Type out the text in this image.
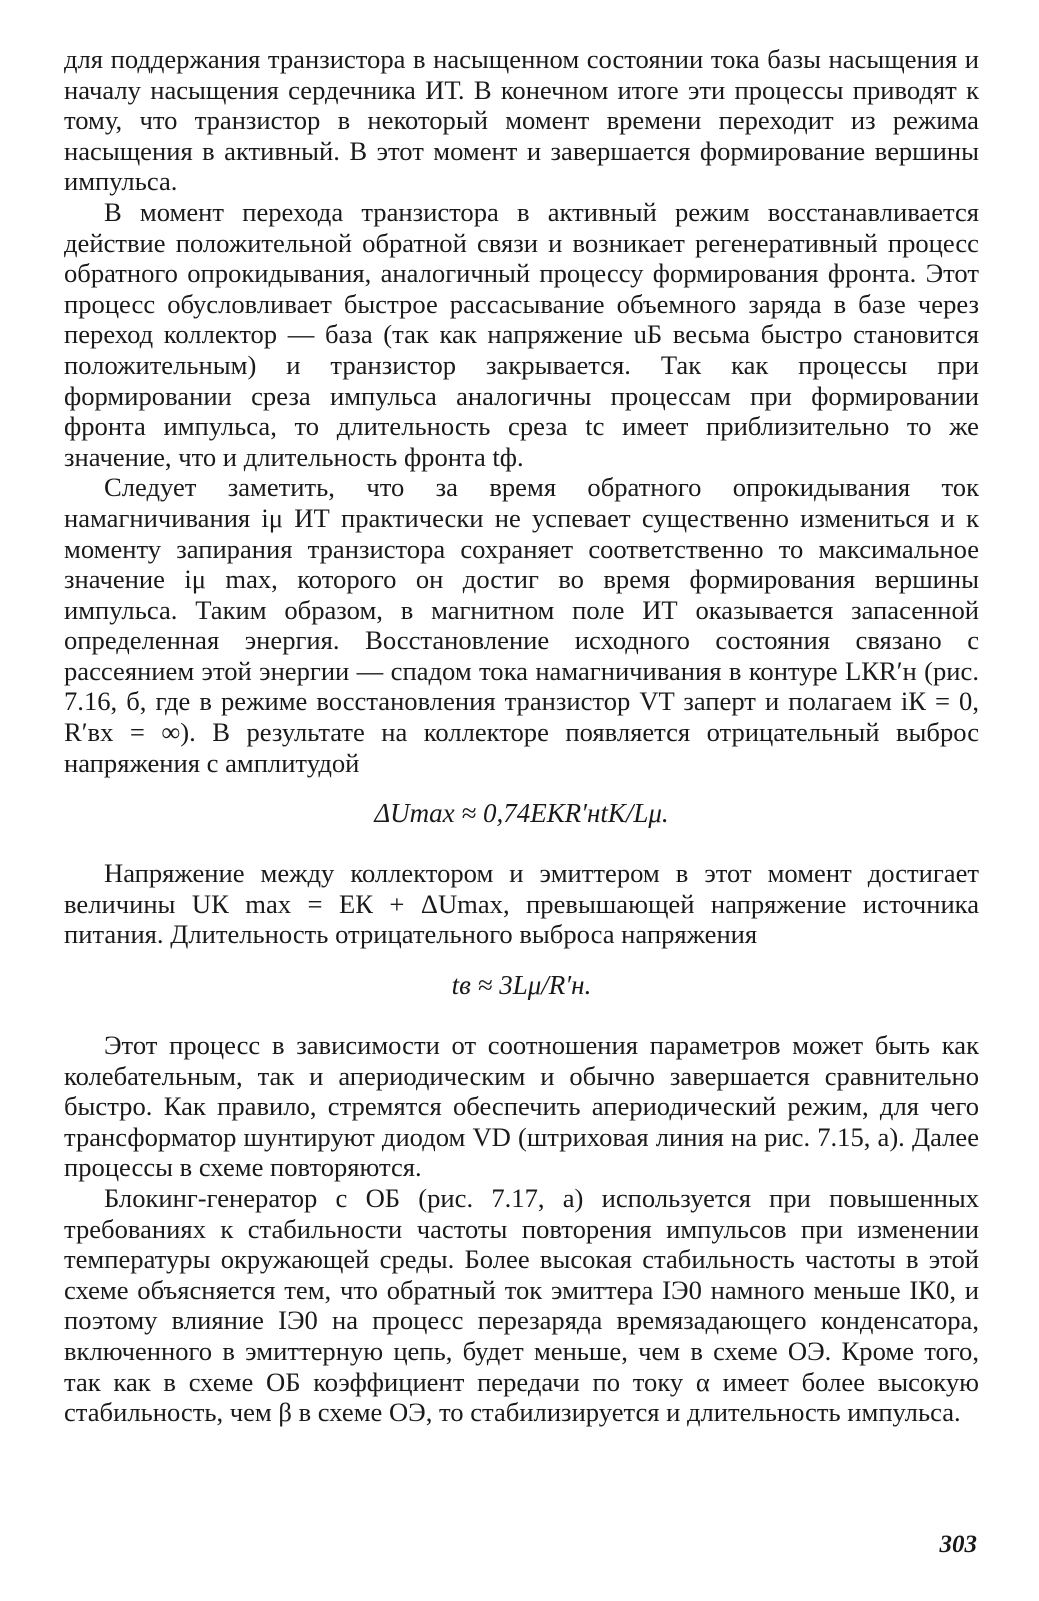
для поддержания транзистора в насыщенном состоянии тока базы насыщения и началу насыщения сердечника ИТ. В конечном итоге эти процессы приводят к тому, что транзистор в некоторый момент времени переходит из режима насыщения в активный. В этот момент и завершается формирование вершины импульса.

В момент перехода транзистора в активный режим восстанавливается действие положительной обратной связи и возникает регенеративный процесс обратного опрокидывания, аналогичный процессу формирования фронта. Этот процесс обусловливает быстрое рассасывание объемного заряда в базе через переход коллектор — база (так как напряжение uБ весьма быстро становится положительным) и транзистор закрывается. Так как процессы при формировании среза импульса аналогичны процессам при формировании фронта импульса, то длительность среза tс имеет приблизительно то же значение, что и длительность фронта tф.

Следует заметить, что за время обратного опрокидывания ток намагничивания iμ ИТ практически не успевает существенно измениться и к моменту запирания транзистора сохраняет соответственно то максимальное значение iμ max, которого он достиг во время формирования вершины импульса. Таким образом, в магнитном поле ИТ оказывается запасенной определенная энергия. Восстановление исходного состояния связано с рассеянием этой энергии — спадом тока намагничивания в контуре LКR′н (рис. 7.16, б, где в режиме восстановления транзистор VT заперт и полагаем iК = 0, R′вх = ∞). В результате на коллекторе появляется отрицательный выброс напряжения с амплитудой

ΔUmax ≈ 0,74EКR′нtК/Lμ.

Напряжение между коллектором и эмиттером в этот момент достигает величины UК max = EК + ΔUmax, превышающей напряжение источника питания. Длительность отрицательного выброса напряжения

tв ≈ 3Lμ/R′н.

Этот процесс в зависимости от соотношения параметров может быть как колебательным, так и апериодическим и обычно завершается сравнительно быстро. Как правило, стремятся обеспечить апериодический режим, для чего трансформатор шунтируют диодом VD (штриховая линия на рис. 7.15, а). Далее процессы в схеме повторяются.

Блокинг-генератор с ОБ (рис. 7.17, а) используется при повышенных требованиях к стабильности частоты повторения импульсов при изменении температуры окружающей среды. Более высокая стабильность частоты в этой схеме объясняется тем, что обратный ток эмиттера IЭ0 намного меньше IК0, и поэтому влияние IЭ0 на процесс перезаряда времязадающего конденсатора, включенного в эмиттерную цепь, будет меньше, чем в схеме ОЭ. Кроме того, так как в схеме ОБ коэффициент передачи по току α имеет более высокую стабильность, чем β в схеме ОЭ, то стабилизируется и длительность импульса.

303
